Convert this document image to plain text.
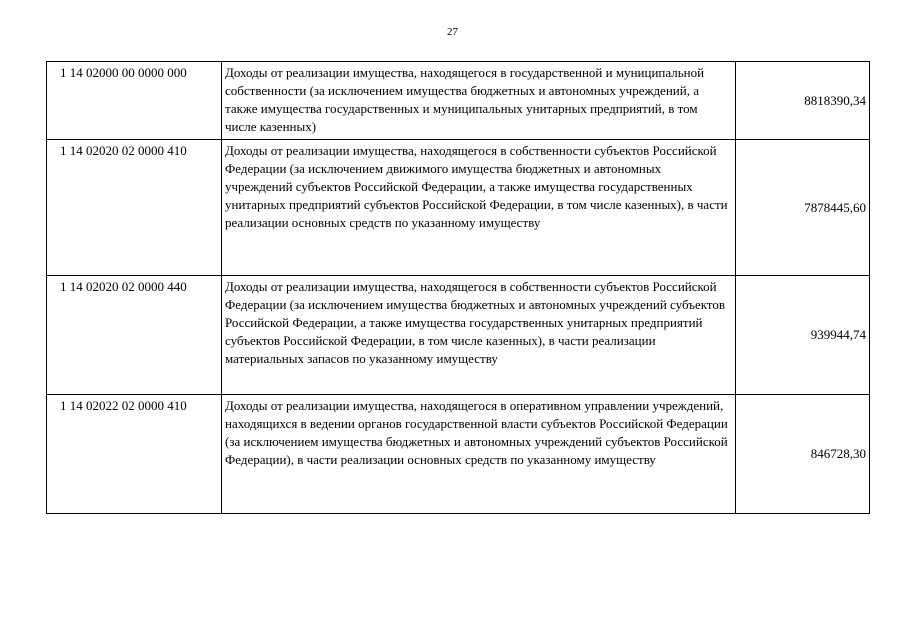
27
1 14 02000 00 0000 000	Доходы от реализации имущества, находящегося в государственной и муниципальной собственности (за исключением имущества бюджетных и автономных учреждений, а также имущества государственных и муниципальных унитарных предприятий, в том числе казенных)	8818390,34
1 14 02020 02 0000 410	Доходы от реализации имущества, находящегося в собственности субъектов Российской Федерации (за исключением движимого имущества бюджетных и автономных учреждений субъектов Российской Федерации, а также имущества государственных унитарных предприятий субъектов Российской Федерации, в том числе казенных), в части реализации основных средств по указанному имуществу	7878445,60
1 14 02020 02 0000 440	Доходы от реализации имущества, находящегося в собственности субъектов Российской Федерации (за исключением имущества бюджетных и автономных учреждений субъектов Российской Федерации, а также имущества государственных унитарных предприятий субъектов Российской Федерации, в том числе казенных), в части реализации материальных запасов по указанному имуществу	939944,74
1 14 02022 02 0000 410	Доходы от реализации имущества, находящегося в оперативном управлении учреждений, находящихся в ведении органов государственной власти субъектов Российской Федерации (за исключением имущества бюджетных и автономных учреждений субъектов Российской Федерации), в части реализации основных средств по указанному имуществу	846728,30
